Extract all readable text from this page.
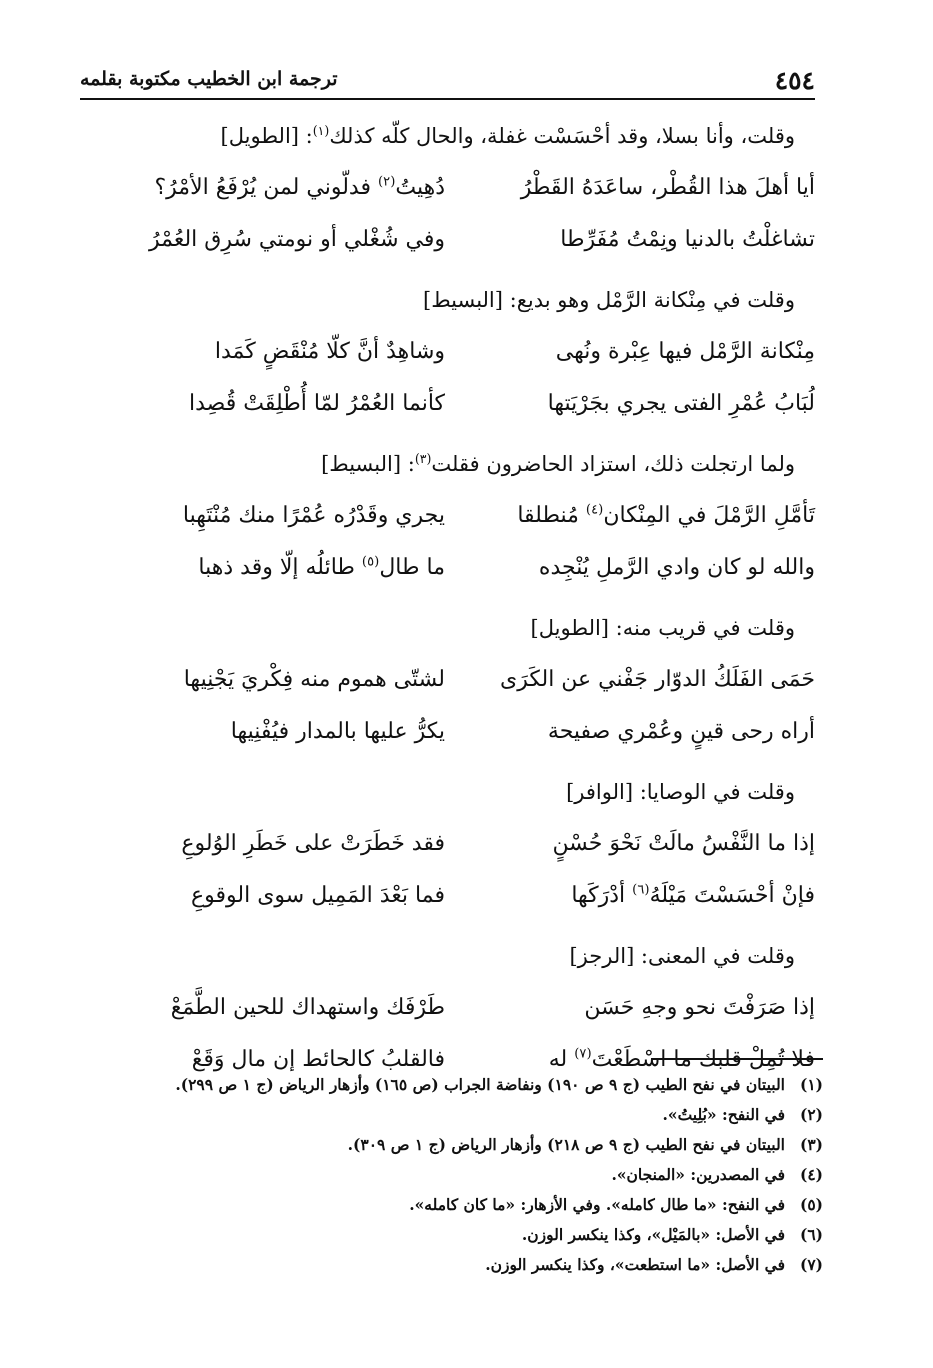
٤٥٤
ترجمة ابن الخطيب مكتوبة بقلمه
وقلت، وأنا بسلا، وقد أحْسَسْت غفلة، والحال كلّه كذلك$^{(١)}$: [الطويل]
أيا أهلَ هذا القُطْر، ساعَدَهُ القَطْرُ
دُهِيتُ$^{(٢)}$ فدلّوني لمن يُرْفَعُ الأمْرُ؟
تشاغلْتُ بالدنيا ونِمْتُ مُفَرِّطا
وفي شُغْلي أو نومتي سُرِق العُمْرُ
وقلت في مِنْكانة الرَّمْل وهو بديع: [البسيط]
مِنْكانة الرَّمْل فيها عِبْرة ونُهى
وشاهِدٌ أنَّ كلّا مُنْقَضٍ كَمَدا
لُبَابُ عُمْرِ الفتى يجري بجَرْيَتها
كأنما العُمْرُ لمّا أُطْلِقَتْ قُصِدا
ولما ارتجلت ذلك، استزاد الحاضرون فقلت$^{(٣)}$: [البسيط]
تَأمَّلِ الرَّمْلَ في المِنْكان$^{(٤)}$ مُنطلقا
يجري وقَدْرُه عُمْرًا منك مُنْتَهِبا
والله لو كان وادي الرَّملِ يُنْجِده
ما طال$^{(٥)}$ طائلُه إلّا وقد ذهبا
وقلت في قريب منه: [الطويل]
حَمَى الفَلَكُ الدوّار جَفْني عن الكَرَى
لشتّى هموم منه فِكْريَ يَجْنِيها
أراه رحى قينٍ وعُمْري صفيحة
يكرُّ عليها بالمدار فيُفْنِيها
وقلت في الوصايا: [الوافر]
إذا ما النَّفْسُ مالَتْ نَحْوَ حُسْنٍ
فقد خَطَرَتْ على خَطَرِ الوُلوعِ
فإنْ أحْسَسْتَ مَيْلَهُ$^{(٦)}$ أدْرَكَها
فما بَعْدَ المَمِيل سوى الوقوعِ
وقلت في المعنى: [الرجز]
إذا صَرَفْتَ نحو وجهِ حَسَن
طَرْفَك واستهداك للحين الطَّمَعْ
فلا تُمِلْ قلبك ما اسْطَعْتَ$^{(٧)}$ له
فالقلبُ كالحائط إن مال وَقَعْ
(١)
البيتان في نفح الطيب (ج ٩ ص ١٩٠) ونفاضة الجراب (ص ١٦٥) وأزهار الرياض (ج ١ ص ٢٩٩).
(٢)
في النفح: «بُلِيتُ».
(٣)
البيتان في نفح الطيب (ج ٩ ص ٢١٨) وأزهار الرياض (ج ١ ص ٣٠٩).
(٤)
في المصدرين: «المنجان».
(٥)
في النفح: «ما طال كامله». وفي الأزهار: «ما كان كامله».
(٦)
في الأصل: «بالمَيْل»، وكذا ينكسر الوزن.
(٧)
في الأصل: «ما استطعت»، وكذا ينكسر الوزن.
